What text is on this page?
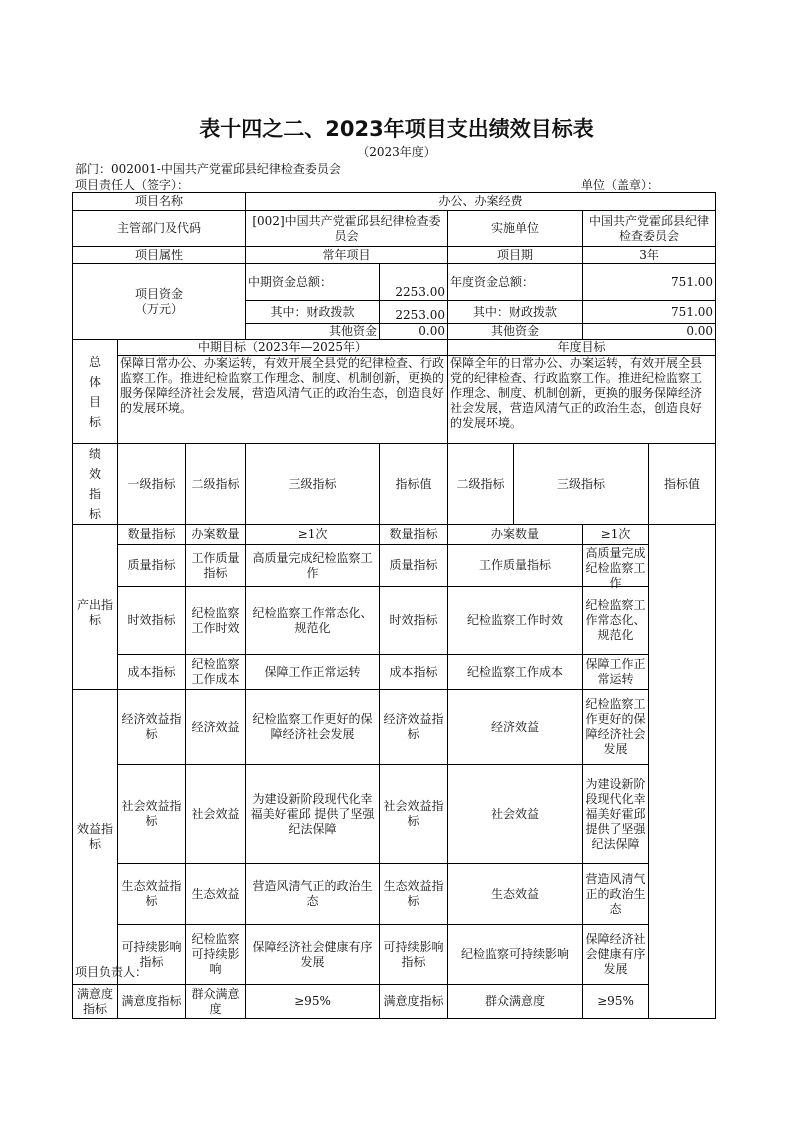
表十四之二、2023年项目支出绩效目标表
（2023年度）
部门：002001-中国共产党霍邱县纪律检查委员会
项目责任人（签字）：	单位（盖章）：
项目名称			办公、办案经费					
主管部门及代码			[002]中国共产党霍邱县纪律检查委员会		实施单位		中国共产党霍邱县纪律检查委员会	
项目属性			常年项目		项目期		3年	

项目资金（万元）			中期资金总额：	2253.00	年度资金总额：		751.00	
			其中：财政拨款	2253.00	其中：财政拨款		751.00	
			其他资金	0.00	其他资金		0.00	

总体目标	中期目标（2023年—2025年）				年度目标			
	保障日常办公、办案运转，有效开展全县党的纪律检查、行政监察工作。推进纪检监察工作理念、制度、机制创新，更换的服务保障经济社会发展，营造风清气正的政治生态，创造良好的发展环境。				保障全年的日常办公、办案运转，有效开展全县党的纪律检查、行政监察工作。推进纪检监察工作理念、制度、机制创新，更换的服务保障经济社会发展，营造风清气正的政治生态，创造良好的发展环境。			

绩效指标	一级指标	二级指标	三级指标	指标值	二级指标	三级指标		指标值

产出指标	数量指标	办案数量	≥1次	数量指标	办案数量		≥1次	

	质量指标	工作质量指标	高质量完成纪检监察工作	质量指标	工作质量指标		高质量完成纪检监察工作	

	时效指标	纪检监察工作时效	纪检监察工作常态化、规范化	时效指标	纪检监察工作时效		纪检监察工作常态化、规范化	

	成本指标	纪检监察工作成本	保障工作正常运转	成本指标	纪检监察工作成本		保障工作正常运转	

效益指标	经济效益指标	经济效益	纪检监察工作更好的保障经济社会发展	经济效益指标	经济效益		纪检监察工作更好的保障经济社会发展	

	社会效益指标	社会效益	为建设新阶段现代化幸福美好霍邱 提供了坚强纪法保障	社会效益指标	社会效益		为建设新阶段现代化幸福美好霍邱 提供了坚强纪法保障	

	生态效益指标	生态效益	营造风清气正的政治生态	生态效益指标	生态效益		营造风清气正的政治生态	

	可持续影响指标	纪检监察可持续影响	保障经济社会健康有序发展	可持续影响指标	纪检监察可持续影响		保障经济社会健康有序发展	

满意度指标	满意度指标	群众满意度	≥95%	满意度指标	群众满意度		≥95%	
项目负责人：
